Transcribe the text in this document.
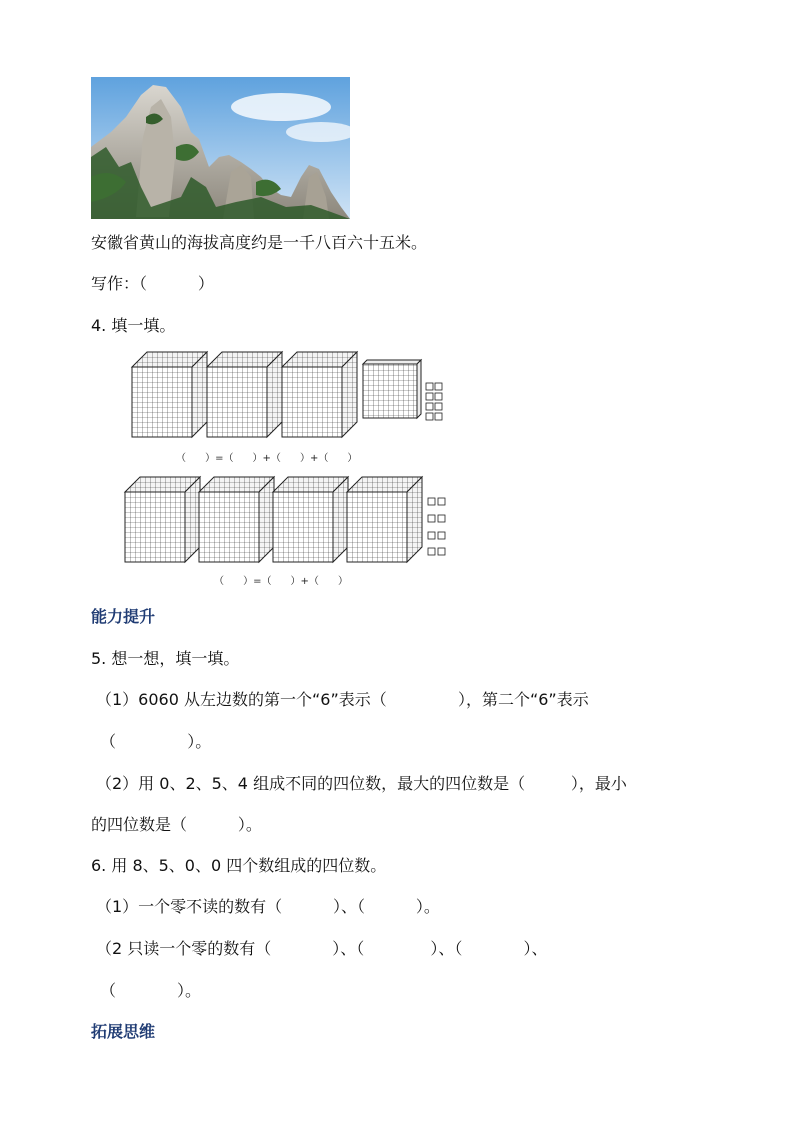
安徽省黄山的海拔高度约是一千八百六十五米。
写作：（          ）
4. 填一填。
（      ）=（      ）+（      ）+（      ）
（      ）=（      ）+（      ）
能力提升
5. 想一想，填一填。
（1）6060 从左边数的第一个“6”表示（              ），第二个“6”表示
（              ）。
（2）用 0、2、5、4 组成不同的四位数，最大的四位数是（         ），最小
的四位数是（          ）。
6. 用 8、5、0、0 四个数组成的四位数。
（1）一个零不读的数有（          ）、（          ）。
（2 只读一个零的数有（            ）、（             ）、（            ）、
（            ）。
拓展思维
